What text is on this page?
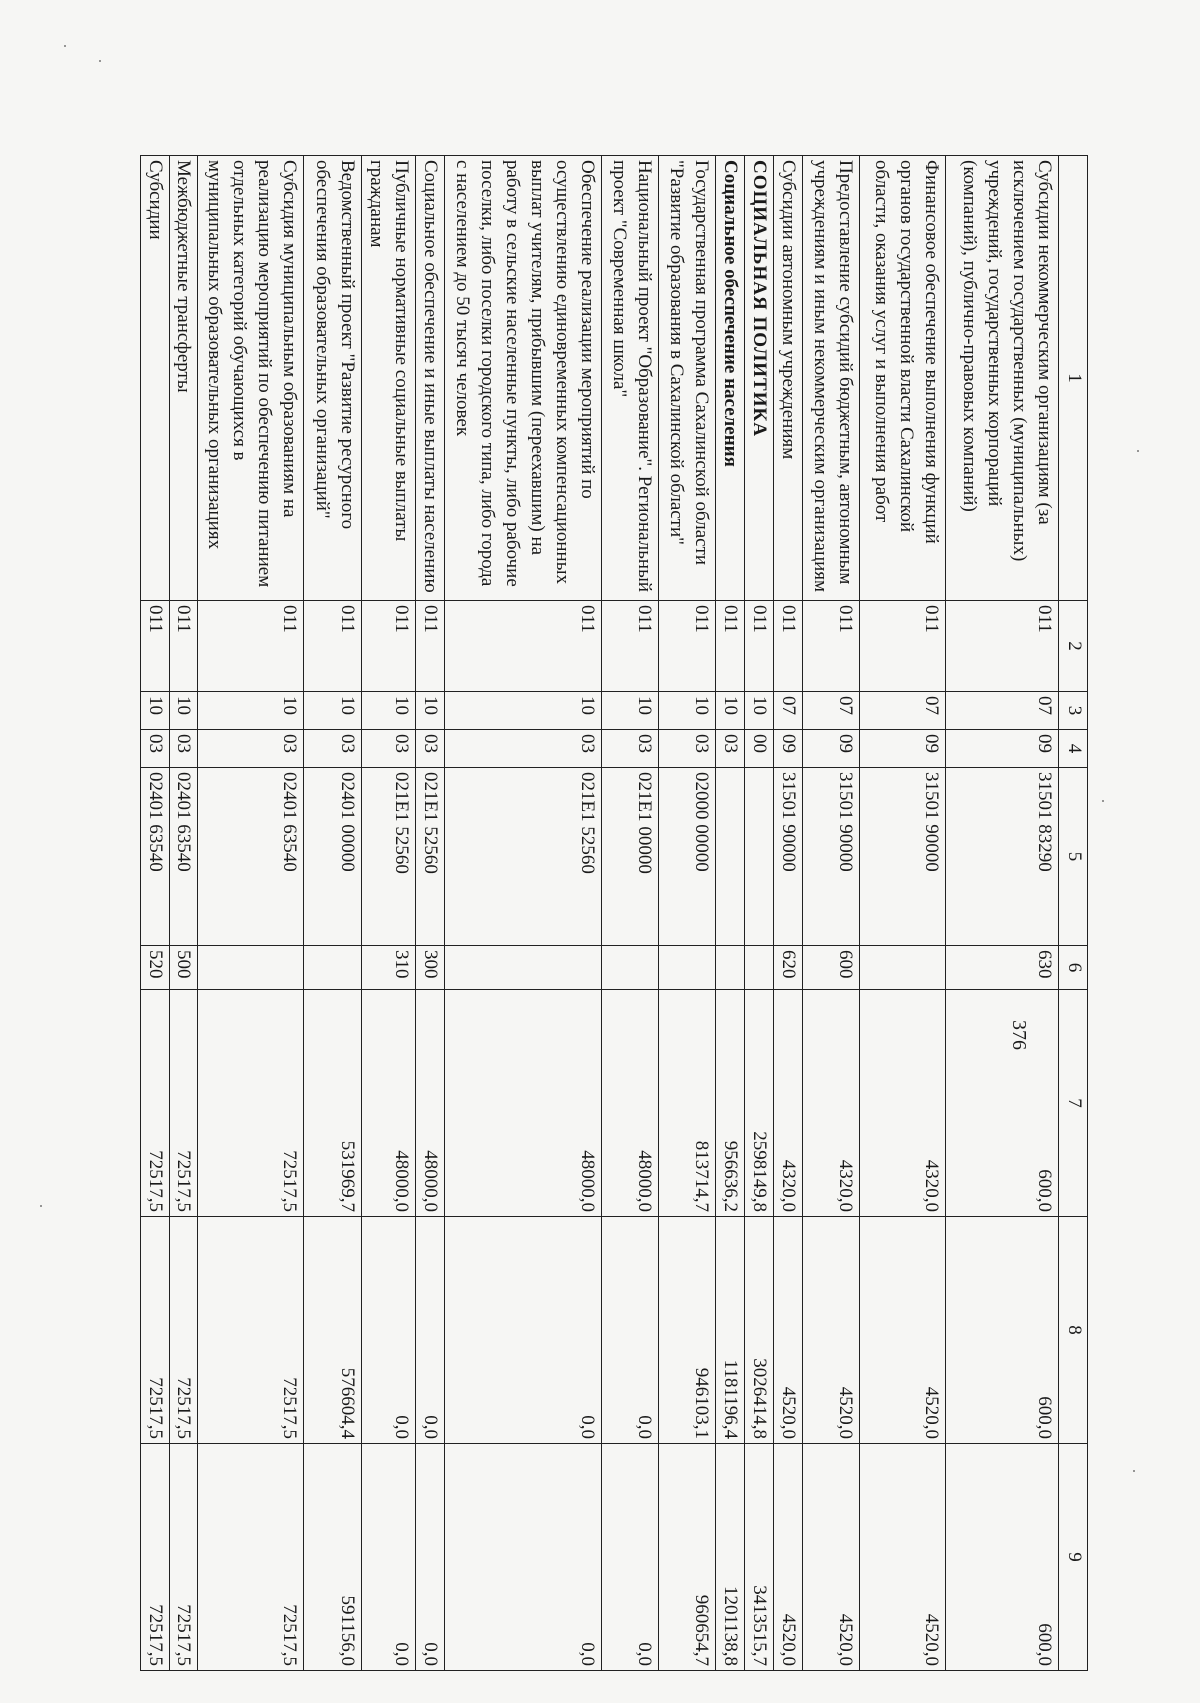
376
1	2	3	4	5	6	7	8	9
Субсидии некоммерческим организациям (за исключением государственных (муниципальных) учреждений, государственных корпораций (компаний), публично-правовых компаний)	011	07	09	31501 83290	630	600,0	600,0	600,0
Финансовое обеспечение выполнения функций органов государственной власти Сахалинской области, оказания услуг и выполнения работ	011	07	09	31501 90000		4320,0	4520,0	4520,0
Предоставление субсидий бюджетным, автономным учреждениям и иным некоммерческим организациям	011	07	09	31501 90000	600	4320,0	4520,0	4520,0
Субсидии автономным учреждениям	011	07	09	31501 90000	620	4320,0	4520,0	4520,0
СОЦИАЛЬНАЯ ПОЛИТИКА	011	10	00			2598149,8	3026414,8	3413515,7
Социальное обеспечение населения	011	10	03			956636,2	1181196,4	1201138,8
Государственная программа Сахалинской области "Развитие образования в Сахалинской области"	011	10	03	02000 00000		813714,7	946103,1	960654,7
Национальный проект "Образование". Региональный проект "Современная школа"	011	10	03	021E1 00000		48000,0	0,0	0,0
Обеспечение реализации мероприятий по осуществлению единовременных компенсационных выплат учителям, прибывшим (переехавшим) на работу в сельские населенные пункты, либо рабочие поселки, либо поселки городского типа, либо города с населением до 50 тысяч человек	011	10	03	021E1 52560		48000,0	0,0	0,0
Социальное обеспечение и иные выплаты населению	011	10	03	021E1 52560	300	48000,0	0,0	0,0
Публичные нормативные социальные выплаты гражданам	011	10	03	021E1 52560	310	48000,0	0,0	0,0
Ведомственный проект "Развитие ресурсного обеспечения образовательных организаций"	011	10	03	02401 00000		531969,7	576604,4	591156,0
Субсидия муниципальным образованиям на реализацию мероприятий по обеспечению питанием отдельных категорий обучающихся в муниципальных образовательных организациях	011	10	03	02401 63540		72517,5	72517,5	72517,5
Межбюджетные трансферты	011	10	03	02401 63540	500	72517,5	72517,5	72517,5
Субсидии	011	10	03	02401 63540	520	72517,5	72517,5	72517,5
